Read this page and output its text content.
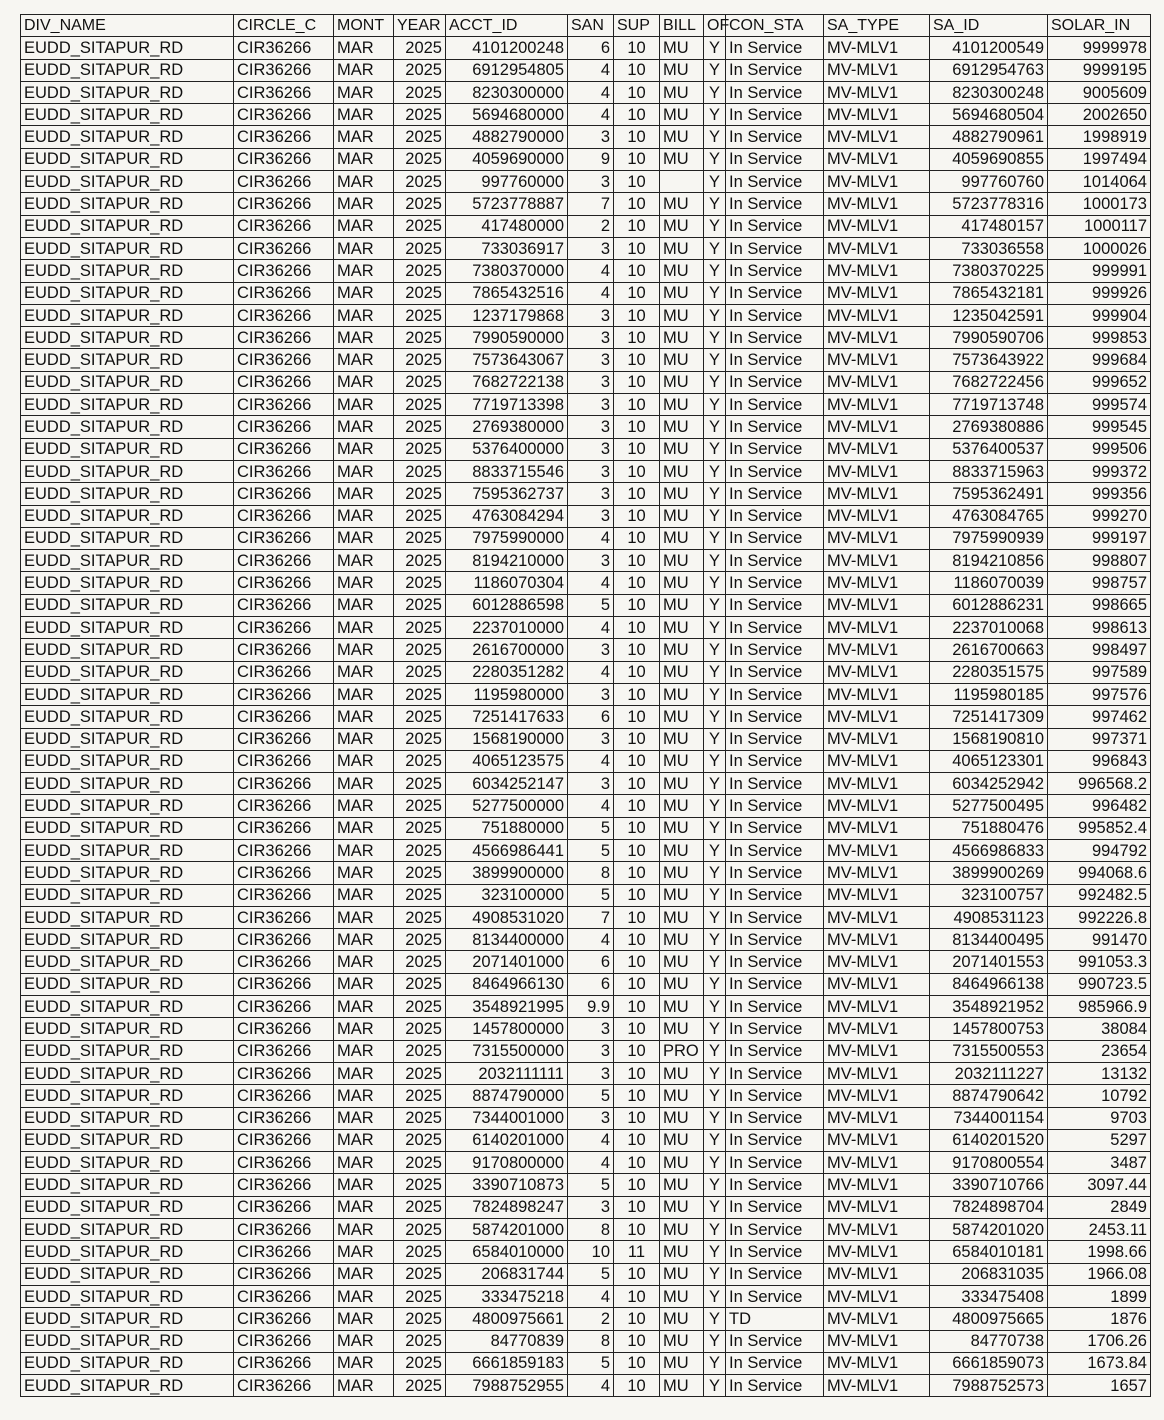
DIV_NAME	CIRCLE_C	MONT	YEAR	ACCT_ID	SAN	SUP	BILL	OF	CON_STA	SA_TYPE	SA_ID	SOLAR_IN
EUDD_SITAPUR_RD	CIR36266	MAR	2025	4101200248	6	10	MU	Y	In Service	MV-MLV1	4101200549	9999978
EUDD_SITAPUR_RD	CIR36266	MAR	2025	6912954805	4	10	MU	Y	In Service	MV-MLV1	6912954763	9999195
EUDD_SITAPUR_RD	CIR36266	MAR	2025	8230300000	4	10	MU	Y	In Service	MV-MLV1	8230300248	9005609
EUDD_SITAPUR_RD	CIR36266	MAR	2025	5694680000	4	10	MU	Y	In Service	MV-MLV1	5694680504	2002650
EUDD_SITAPUR_RD	CIR36266	MAR	2025	4882790000	3	10	MU	Y	In Service	MV-MLV1	4882790961	1998919
EUDD_SITAPUR_RD	CIR36266	MAR	2025	4059690000	9	10	MU	Y	In Service	MV-MLV1	4059690855	1997494
EUDD_SITAPUR_RD	CIR36266	MAR	2025	997760000	3	10		Y	In Service	MV-MLV1	997760760	1014064
EUDD_SITAPUR_RD	CIR36266	MAR	2025	5723778887	7	10	MU	Y	In Service	MV-MLV1	5723778316	1000173
EUDD_SITAPUR_RD	CIR36266	MAR	2025	417480000	2	10	MU	Y	In Service	MV-MLV1	417480157	1000117
EUDD_SITAPUR_RD	CIR36266	MAR	2025	733036917	3	10	MU	Y	In Service	MV-MLV1	733036558	1000026
EUDD_SITAPUR_RD	CIR36266	MAR	2025	7380370000	4	10	MU	Y	In Service	MV-MLV1	7380370225	999991
EUDD_SITAPUR_RD	CIR36266	MAR	2025	7865432516	4	10	MU	Y	In Service	MV-MLV1	7865432181	999926
EUDD_SITAPUR_RD	CIR36266	MAR	2025	1237179868	3	10	MU	Y	In Service	MV-MLV1	1235042591	999904
EUDD_SITAPUR_RD	CIR36266	MAR	2025	7990590000	3	10	MU	Y	In Service	MV-MLV1	7990590706	999853
EUDD_SITAPUR_RD	CIR36266	MAR	2025	7573643067	3	10	MU	Y	In Service	MV-MLV1	7573643922	999684
EUDD_SITAPUR_RD	CIR36266	MAR	2025	7682722138	3	10	MU	Y	In Service	MV-MLV1	7682722456	999652
EUDD_SITAPUR_RD	CIR36266	MAR	2025	7719713398	3	10	MU	Y	In Service	MV-MLV1	7719713748	999574
EUDD_SITAPUR_RD	CIR36266	MAR	2025	2769380000	3	10	MU	Y	In Service	MV-MLV1	2769380886	999545
EUDD_SITAPUR_RD	CIR36266	MAR	2025	5376400000	3	10	MU	Y	In Service	MV-MLV1	5376400537	999506
EUDD_SITAPUR_RD	CIR36266	MAR	2025	8833715546	3	10	MU	Y	In Service	MV-MLV1	8833715963	999372
EUDD_SITAPUR_RD	CIR36266	MAR	2025	7595362737	3	10	MU	Y	In Service	MV-MLV1	7595362491	999356
EUDD_SITAPUR_RD	CIR36266	MAR	2025	4763084294	3	10	MU	Y	In Service	MV-MLV1	4763084765	999270
EUDD_SITAPUR_RD	CIR36266	MAR	2025	7975990000	4	10	MU	Y	In Service	MV-MLV1	7975990939	999197
EUDD_SITAPUR_RD	CIR36266	MAR	2025	8194210000	3	10	MU	Y	In Service	MV-MLV1	8194210856	998807
EUDD_SITAPUR_RD	CIR36266	MAR	2025	1186070304	4	10	MU	Y	In Service	MV-MLV1	1186070039	998757
EUDD_SITAPUR_RD	CIR36266	MAR	2025	6012886598	5	10	MU	Y	In Service	MV-MLV1	6012886231	998665
EUDD_SITAPUR_RD	CIR36266	MAR	2025	2237010000	4	10	MU	Y	In Service	MV-MLV1	2237010068	998613
EUDD_SITAPUR_RD	CIR36266	MAR	2025	2616700000	3	10	MU	Y	In Service	MV-MLV1	2616700663	998497
EUDD_SITAPUR_RD	CIR36266	MAR	2025	2280351282	4	10	MU	Y	In Service	MV-MLV1	2280351575	997589
EUDD_SITAPUR_RD	CIR36266	MAR	2025	1195980000	3	10	MU	Y	In Service	MV-MLV1	1195980185	997576
EUDD_SITAPUR_RD	CIR36266	MAR	2025	7251417633	6	10	MU	Y	In Service	MV-MLV1	7251417309	997462
EUDD_SITAPUR_RD	CIR36266	MAR	2025	1568190000	3	10	MU	Y	In Service	MV-MLV1	1568190810	997371
EUDD_SITAPUR_RD	CIR36266	MAR	2025	4065123575	4	10	MU	Y	In Service	MV-MLV1	4065123301	996843
EUDD_SITAPUR_RD	CIR36266	MAR	2025	6034252147	3	10	MU	Y	In Service	MV-MLV1	6034252942	996568.2
EUDD_SITAPUR_RD	CIR36266	MAR	2025	5277500000	4	10	MU	Y	In Service	MV-MLV1	5277500495	996482
EUDD_SITAPUR_RD	CIR36266	MAR	2025	751880000	5	10	MU	Y	In Service	MV-MLV1	751880476	995852.4
EUDD_SITAPUR_RD	CIR36266	MAR	2025	4566986441	5	10	MU	Y	In Service	MV-MLV1	4566986833	994792
EUDD_SITAPUR_RD	CIR36266	MAR	2025	3899900000	8	10	MU	Y	In Service	MV-MLV1	3899900269	994068.6
EUDD_SITAPUR_RD	CIR36266	MAR	2025	323100000	5	10	MU	Y	In Service	MV-MLV1	323100757	992482.5
EUDD_SITAPUR_RD	CIR36266	MAR	2025	4908531020	7	10	MU	Y	In Service	MV-MLV1	4908531123	992226.8
EUDD_SITAPUR_RD	CIR36266	MAR	2025	8134400000	4	10	MU	Y	In Service	MV-MLV1	8134400495	991470
EUDD_SITAPUR_RD	CIR36266	MAR	2025	2071401000	6	10	MU	Y	In Service	MV-MLV1	2071401553	991053.3
EUDD_SITAPUR_RD	CIR36266	MAR	2025	8464966130	6	10	MU	Y	In Service	MV-MLV1	8464966138	990723.5
EUDD_SITAPUR_RD	CIR36266	MAR	2025	3548921995	9.9	10	MU	Y	In Service	MV-MLV1	3548921952	985966.9
EUDD_SITAPUR_RD	CIR36266	MAR	2025	1457800000	3	10	MU	Y	In Service	MV-MLV1	1457800753	38084
EUDD_SITAPUR_RD	CIR36266	MAR	2025	7315500000	3	10	PRO	Y	In Service	MV-MLV1	7315500553	23654
EUDD_SITAPUR_RD	CIR36266	MAR	2025	2032111111	3	10	MU	Y	In Service	MV-MLV1	2032111227	13132
EUDD_SITAPUR_RD	CIR36266	MAR	2025	8874790000	5	10	MU	Y	In Service	MV-MLV1	8874790642	10792
EUDD_SITAPUR_RD	CIR36266	MAR	2025	7344001000	3	10	MU	Y	In Service	MV-MLV1	7344001154	9703
EUDD_SITAPUR_RD	CIR36266	MAR	2025	6140201000	4	10	MU	Y	In Service	MV-MLV1	6140201520	5297
EUDD_SITAPUR_RD	CIR36266	MAR	2025	9170800000	4	10	MU	Y	In Service	MV-MLV1	9170800554	3487
EUDD_SITAPUR_RD	CIR36266	MAR	2025	3390710873	5	10	MU	Y	In Service	MV-MLV1	3390710766	3097.44
EUDD_SITAPUR_RD	CIR36266	MAR	2025	7824898247	3	10	MU	Y	In Service	MV-MLV1	7824898704	2849
EUDD_SITAPUR_RD	CIR36266	MAR	2025	5874201000	8	10	MU	Y	In Service	MV-MLV1	5874201020	2453.11
EUDD_SITAPUR_RD	CIR36266	MAR	2025	6584010000	10	11	MU	Y	In Service	MV-MLV1	6584010181	1998.66
EUDD_SITAPUR_RD	CIR36266	MAR	2025	206831744	5	10	MU	Y	In Service	MV-MLV1	206831035	1966.08
EUDD_SITAPUR_RD	CIR36266	MAR	2025	333475218	4	10	MU	Y	In Service	MV-MLV1	333475408	1899
EUDD_SITAPUR_RD	CIR36266	MAR	2025	4800975661	2	10	MU	Y	TD	MV-MLV1	4800975665	1876
EUDD_SITAPUR_RD	CIR36266	MAR	2025	84770839	8	10	MU	Y	In Service	MV-MLV1	84770738	1706.26
EUDD_SITAPUR_RD	CIR36266	MAR	2025	6661859183	5	10	MU	Y	In Service	MV-MLV1	6661859073	1673.84
EUDD_SITAPUR_RD	CIR36266	MAR	2025	7988752955	4	10	MU	Y	In Service	MV-MLV1	7988752573	1657
